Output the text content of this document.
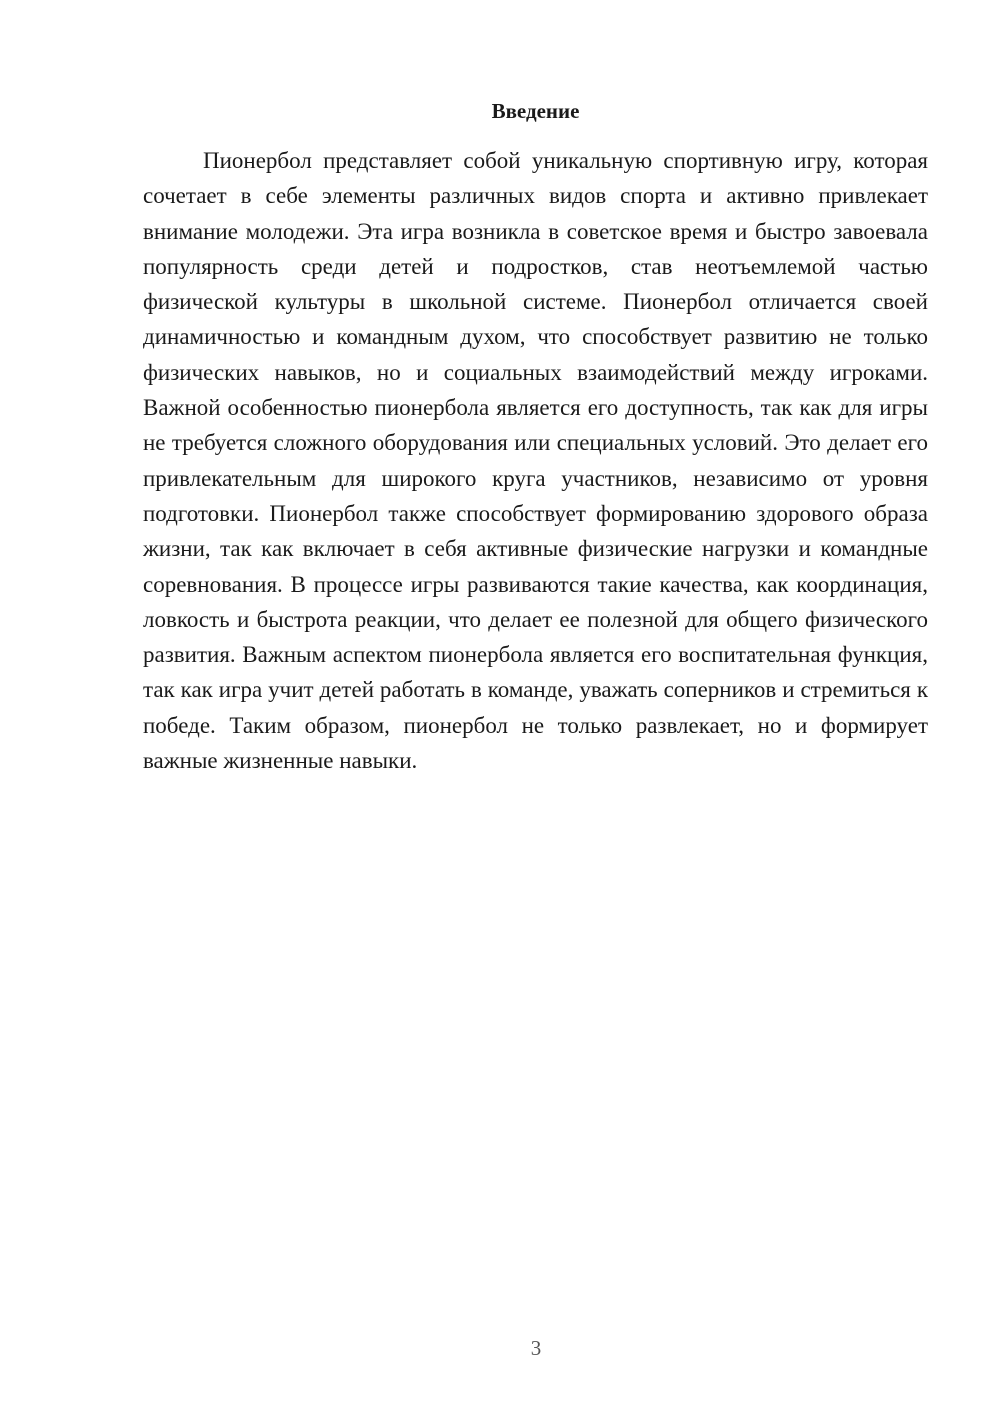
Введение

Пионербол представляет собой уникальную спортивную игру, которая сочетает в себе элементы различных видов спорта и активно привлекает внимание молодежи. Эта игра возникла в советское время и быстро завоевала популярность среди детей и подростков, став неотъемлемой частью физической культуры в школьной системе. Пионербол отличается своей динамичностью и командным духом, что способствует развитию не только физических навыков, но и социальных взаимодействий между игроками. Важной особенностью пионербола является его доступность, так как для игры не требуется сложного оборудования или специальных условий. Это делает его привлекательным для широкого круга участников, независимо от уровня подготовки. Пионербол также способствует формированию здорового образа жизни, так как включает в себя активные физические нагрузки и командные соревнования. В процессе игры развиваются такие качества, как координация, ловкость и быстрота реакции, что делает ее полезной для общего физического развития. Важным аспектом пионербола является его воспитательная функция, так как игра учит детей работать в команде, уважать соперников и стремиться к победе. Таким образом, пионербол не только развлекает, но и формирует важные жизненные навыки.

3
